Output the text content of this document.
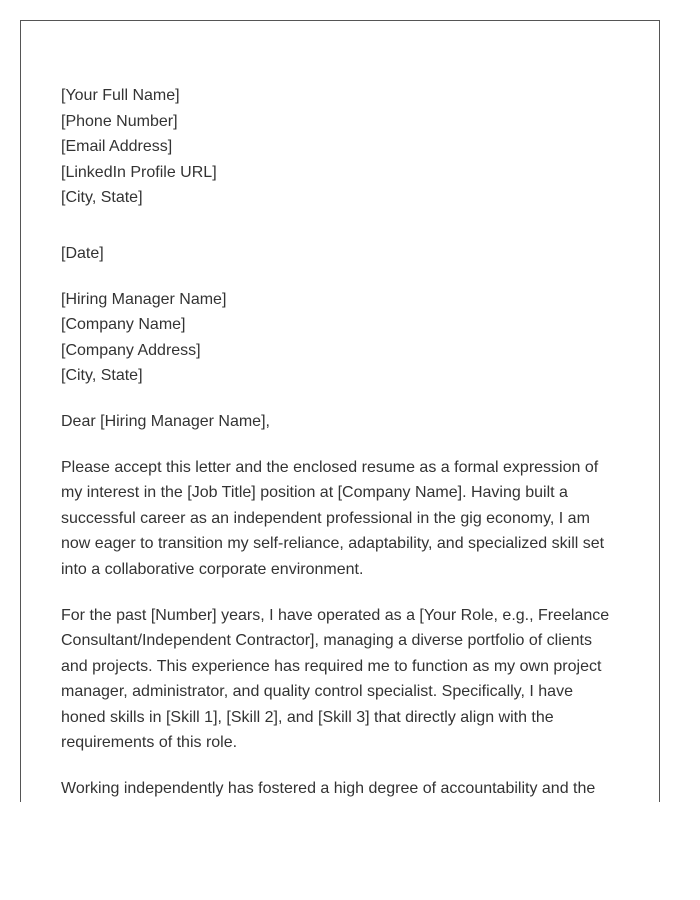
[Your Full Name]
[Phone Number]
[Email Address]
[LinkedIn Profile URL]
[City, State]
[Date]
[Hiring Manager Name]
[Company Name]
[Company Address]
[City, State]
Dear [Hiring Manager Name],

Please accept this letter and the enclosed resume as a formal expression of my interest in the [Job Title] position at [Company Name]. Having built a successful career as an independent professional in the gig economy, I am now eager to transition my self-reliance, adaptability, and specialized skill set into a collaborative corporate environment.

For the past [Number] years, I have operated as a [Your Role, e.g., Freelance Consultant/Independent Contractor], managing a diverse portfolio of clients and projects. This experience has required me to function as my own project manager, administrator, and quality control specialist. Specifically, I have honed skills in [Skill 1], [Skill 2], and [Skill 3] that directly align with the requirements of this role.

Working independently has fostered a high degree of accountability and the
